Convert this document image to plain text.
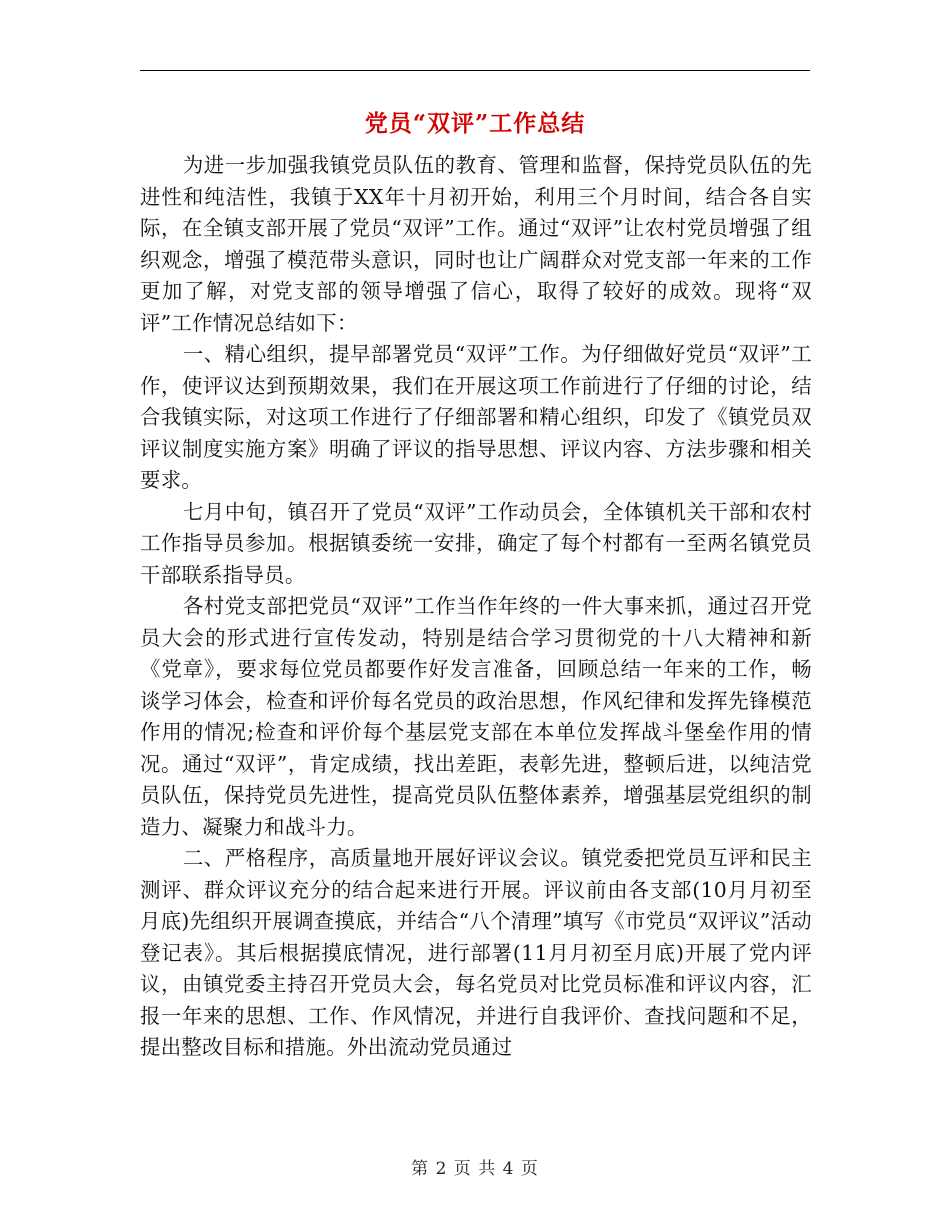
党员“双评”工作总结

为进一步加强我镇党员队伍的教育、管理和监督，保持党员队伍的先进性和纯洁性，我镇于XX年十月初开始，利用三个月时间，结合各自实际，在全镇支部开展了党员“双评”工作。通过“双评”让农村党员增强了组织观念，增强了模范带头意识，同时也让广阔群众对党支部一年来的工作更加了解，对党支部的领导增强了信心，取得了较好的成效。现将“双评”工作情况总结如下：

一、精心组织，提早部署党员“双评”工作。为仔细做好党员“双评”工作，使评议达到预期效果，我们在开展这项工作前进行了仔细的讨论，结合我镇实际，对这项工作进行了仔细部署和精心组织，印发了《镇党员双评议制度实施方案》明确了评议的指导思想、评议内容、方法步骤和相关要求。

七月中旬，镇召开了党员“双评”工作动员会，全体镇机关干部和农村工作指导员参加。根据镇委统一安排，确定了每个村都有一至两名镇党员干部联系指导员。

各村党支部把党员“双评”工作当作年终的一件大事来抓，通过召开党员大会的形式进行宣传发动，特别是结合学习贯彻党的十八大精神和新《党章》，要求每位党员都要作好发言准备，回顾总结一年来的工作，畅谈学习体会，检查和评价每名党员的政治思想，作风纪律和发挥先锋模范作用的情况;检查和评价每个基层党支部在本单位发挥战斗堡垒作用的情况。通过“双评”，肯定成绩，找出差距，表彰先进，整顿后进，以纯洁党员队伍，保持党员先进性，提高党员队伍整体素养，增强基层党组织的制造力、凝聚力和战斗力。

二、严格程序，高质量地开展好评议会议。镇党委把党员互评和民主测评、群众评议充分的结合起来进行开展。评议前由各支部(10月月初至月底)先组织开展调查摸底，并结合“八个清理”填写《市党员“双评议”活动登记表》。其后根据摸底情况，进行部署(11月月初至月底)开展了党内评议，由镇党委主持召开党员大会，每名党员对比党员标准和评议内容，汇报一年来的思想、工作、作风情况，并进行自我评价、查找问题和不足，提出整改目标和措施。外出流动党员通过

第 2 页 共 4 页
